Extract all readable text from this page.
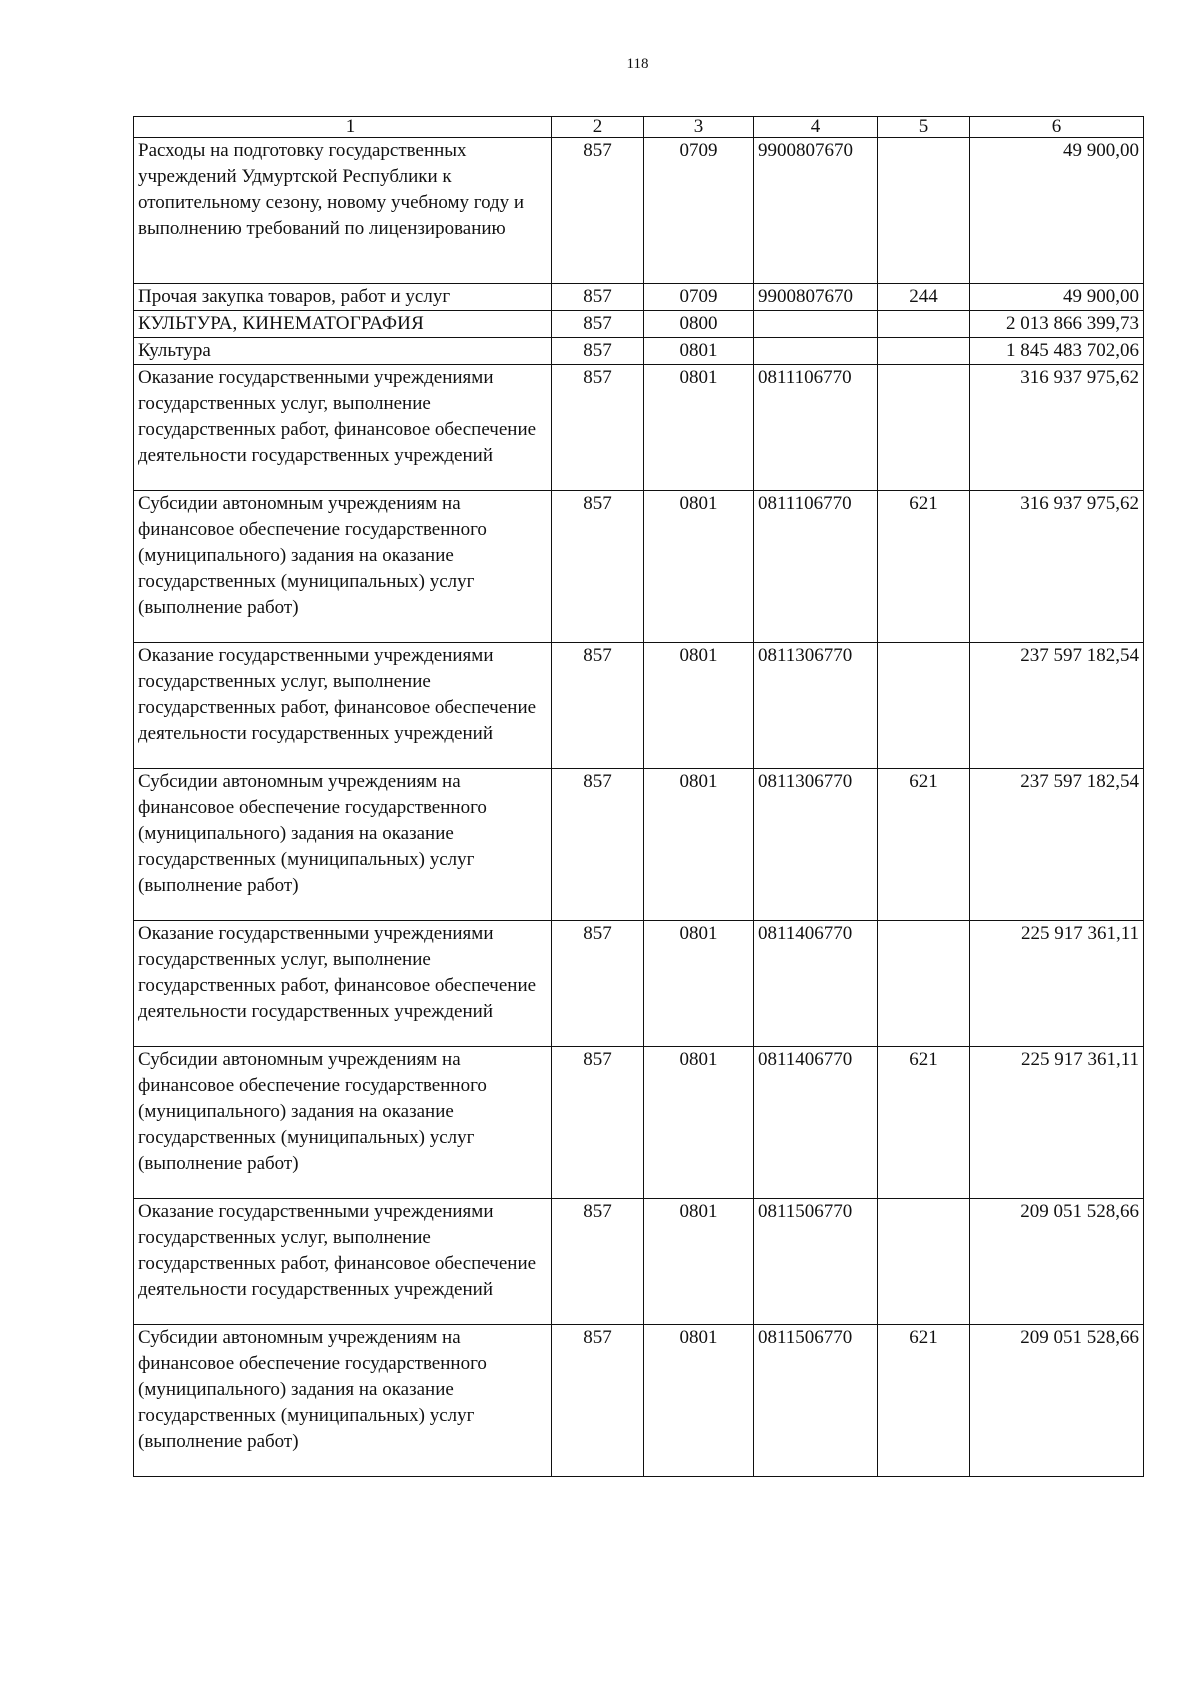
118
1	2	3	4	5	6
Расходы на подготовку государственных учреждений Удмуртской Республики к отопительному сезону, новому учебному году и выполнению требований по лицензированию	857	0709	9900807670		49 900,00
Прочая закупка товаров, работ и услуг	857	0709	9900807670	244	49 900,00
КУЛЬТУРА, КИНЕМАТОГРАФИЯ	857	0800			2 013 866 399,73
Культура	857	0801			1 845 483 702,06
Оказание государственными учреждениями государственных услуг, выполнение государственных работ, финансовое обеспечение деятельности государственных учреждений	857	0801	0811106770		316 937 975,62
Субсидии автономным учреждениям на финансовое обеспечение государственного (муниципального) задания на оказание государственных (муниципальных) услуг (выполнение работ)	857	0801	0811106770	621	316 937 975,62
Оказание государственными учреждениями государственных услуг, выполнение государственных работ, финансовое обеспечение деятельности государственных учреждений	857	0801	0811306770		237 597 182,54
Субсидии автономным учреждениям на финансовое обеспечение государственного (муниципального) задания на оказание государственных (муниципальных) услуг (выполнение работ)	857	0801	0811306770	621	237 597 182,54
Оказание государственными учреждениями государственных услуг, выполнение государственных работ, финансовое обеспечение деятельности государственных учреждений	857	0801	0811406770		225 917 361,11
Субсидии автономным учреждениям на финансовое обеспечение государственного (муниципального) задания на оказание государственных (муниципальных) услуг (выполнение работ)	857	0801	0811406770	621	225 917 361,11
Оказание государственными учреждениями государственных услуг, выполнение государственных работ, финансовое обеспечение деятельности государственных учреждений	857	0801	0811506770		209 051 528,66
Субсидии автономным учреждениям на финансовое обеспечение государственного (муниципального) задания на оказание государственных (муниципальных) услуг (выполнение работ)	857	0801	0811506770	621	209 051 528,66
